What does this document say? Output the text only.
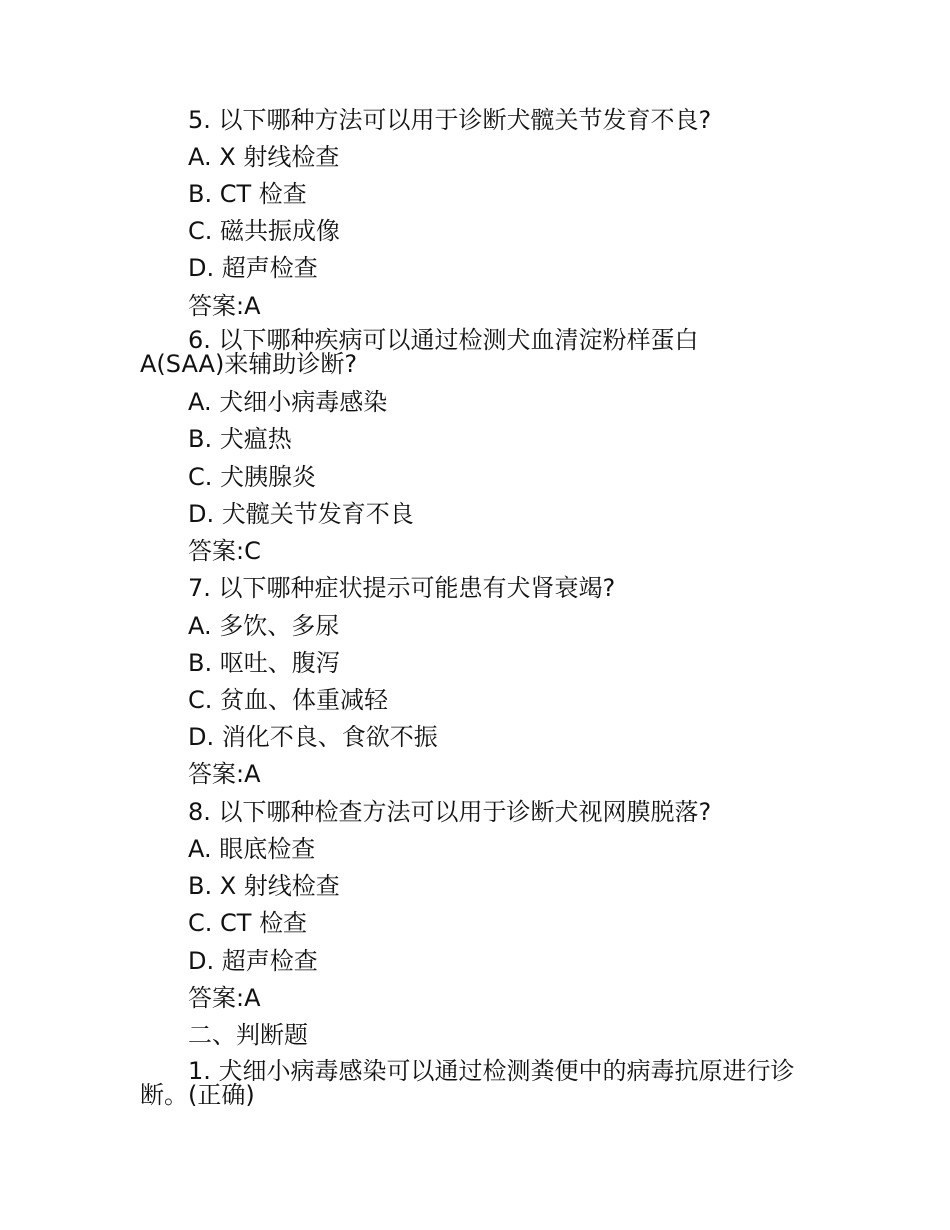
5. 以下哪种方法可以用于诊断犬髋关节发育不良?

A. X 射线检查

B. CT 检查

C. 磁共振成像

D. 超声检查

答案:A

6. 以下哪种疾病可以通过检测犬血清淀粉样蛋白
A(SAA)来辅助诊断?

A. 犬细小病毒感染

B. 犬瘟热

C. 犬胰腺炎

D. 犬髋关节发育不良

答案:C

7. 以下哪种症状提示可能患有犬肾衰竭?

A. 多饮、多尿

B. 呕吐、腹泻

C. 贫血、体重减轻

D. 消化不良、食欲不振

答案:A

8. 以下哪种检查方法可以用于诊断犬视网膜脱落?

A. 眼底检查

B. X 射线检查

C. CT 检查

D. 超声检查

答案:A

二、判断题

1. 犬细小病毒感染可以通过检测粪便中的病毒抗原进行诊
断。(正确)
